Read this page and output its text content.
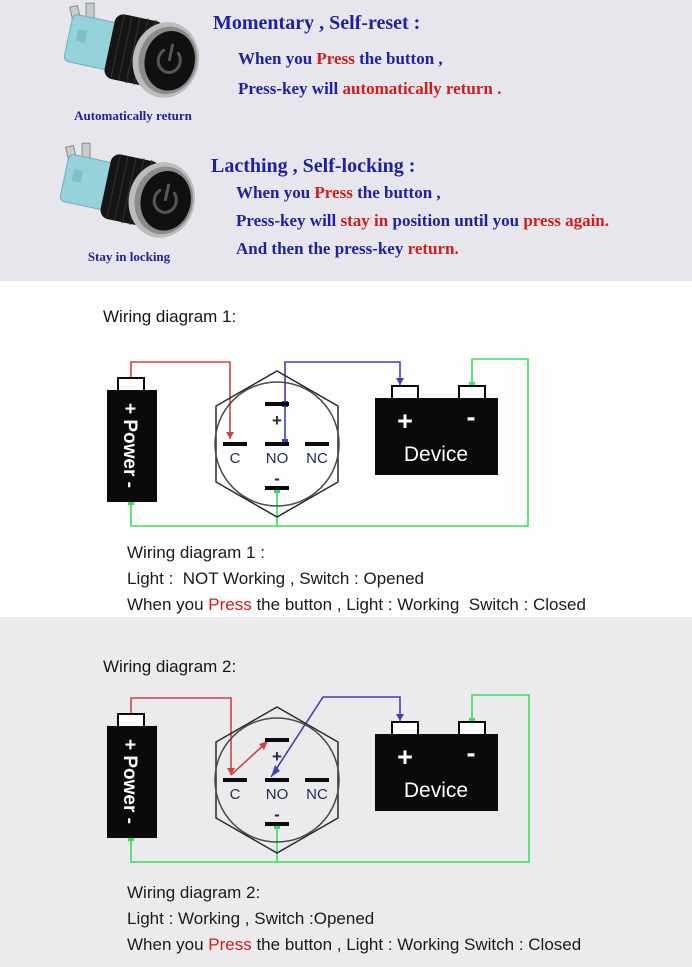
Automatically return
Momentary , Self-reset :
When you Press the button ,
Press-key will automatically return .
Stay in locking
Lacthing , Self-locking :
When you Press the button ,
Press-key will stay in position until you press again.
And then the press-key return.
Wiring diagram 1:
+ Power -	+
-
C NO NC
+ -
Device
Wiring diagram 1 :
Light :  NOT Working , Switch : Opened
When you Press the button , Light : Working  Switch : Closed
Wiring diagram 2:
+ Power -	+
-
C NO NC
+ -
Device
Wiring diagram 2:
Light : Working , Switch :Opened
When you Press the button , Light : Working Switch : Closed
